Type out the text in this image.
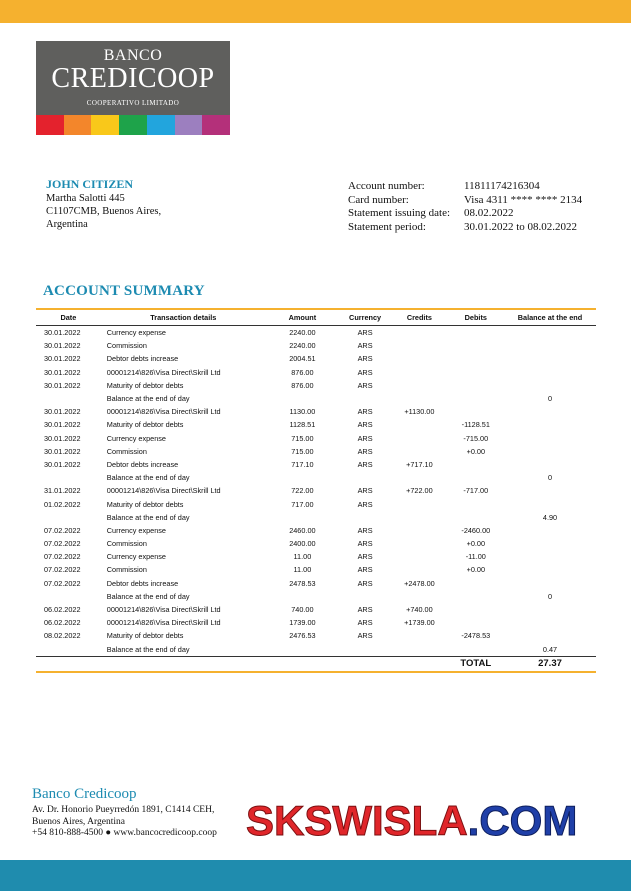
BANCO
CREDICOOP
COOPERATIVO LIMITADO
JOHN CITIZEN
Martha Salotti 445
C1107CMB, Buenos Aires,
Argentina
Account number:	11811174216304
Card number:	Visa 4311 **** **** 2134
Statement issuing date:	08.02.2022
Statement period:	30.01.2022 to 08.02.2022
ACCOUNT SUMMARY
Date	Transaction details	Amount	Currency	Credits	Debits	Balance at the end
30.01.2022	Currency expense	2240.00	ARS			
30.01.2022	Commission	2240.00	ARS			
30.01.2022	Debtor debts increase	2004.51	ARS			
30.01.2022	00001214\826\Visa Direct\Skrill Ltd	876.00	ARS			
30.01.2022	Maturity of debtor debts	876.00	ARS			
	Balance at the end of day					0
30.01.2022	00001214\826\Visa Direct\Skrill Ltd	1130.00	ARS	+1130.00		
30.01.2022	Maturity of debtor debts	1128.51	ARS		-1128.51	
30.01.2022	Currency expense	715.00	ARS		-715.00	
30.01.2022	Commission	715.00	ARS		+0.00	
30.01.2022	Debtor debts increase	717.10	ARS	+717.10		
	Balance at the end of day					0
31.01.2022	00001214\826\Visa Direct\Skrill Ltd	722.00	ARS	+722.00	-717.00	
01.02.2022	Maturity of debtor debts	717.00	ARS			
	Balance at the end of day					4.90
07.02.2022	Currency expense	2460.00	ARS		-2460.00	
07.02.2022	Commission	2400.00	ARS		+0.00	
07.02.2022	Currency expense	11.00	ARS		-11.00	
07.02.2022	Commission	11.00	ARS		+0.00	
07.02.2022	Debtor debts increase	2478.53	ARS	+2478.00		
	Balance at the end of day					0
06.02.2022	00001214\826\Visa Direct\Skrill Ltd	740.00	ARS	+740.00		
06.02.2022	00001214\826\Visa Direct\Skrill Ltd	1739.00	ARS	+1739.00		
08.02.2022	Maturity of debtor debts	2476.53	ARS		-2478.53	
	Balance at the end of day					0.47
					TOTAL	27.37
Banco Credicoop
Av. Dr. Honorio Pueyrredón 1891, C1414 CEH,
Buenos Aires, Argentina
+54 810-888-4500 ● www.bancocredicoop.coop SKSWISLA.COM
